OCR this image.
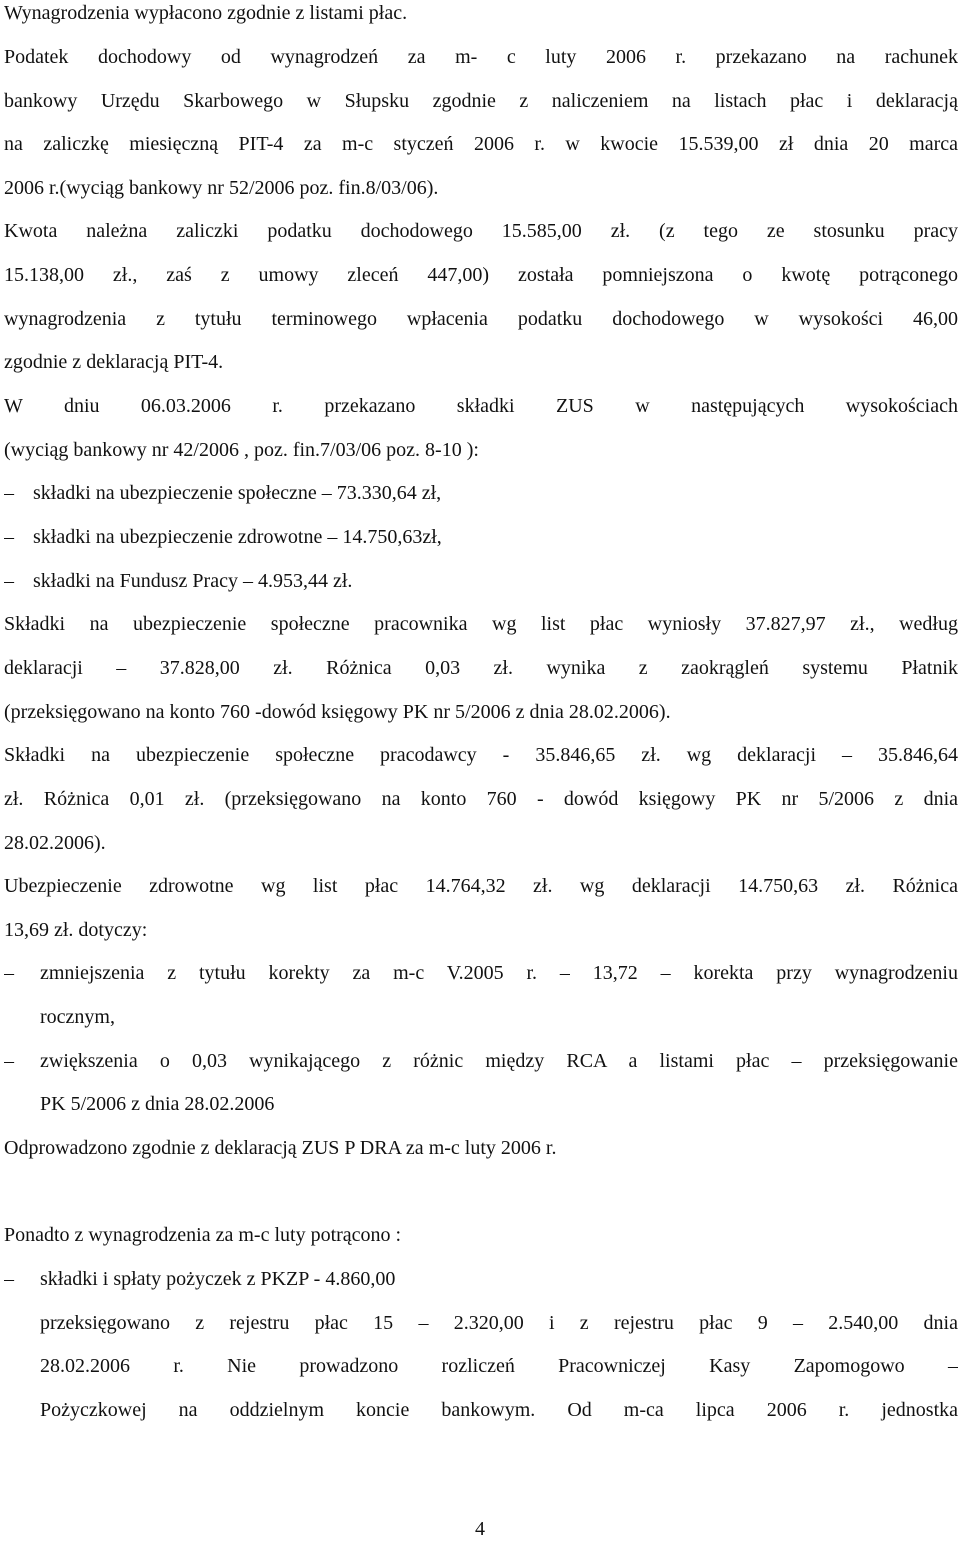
Wynagrodzenia wypłacono zgodnie z listami płac.
Podatek dochodowy od wynagrodzeń za m- c luty 2006 r. przekazano na rachunek
bankowy Urzędu Skarbowego w Słupsku zgodnie z naliczeniem na listach płac i deklaracją
na zaliczkę miesięczną PIT-4 za m-c styczeń 2006 r. w kwocie 15.539,00 zł dnia 20 marca
2006 r.(wyciąg bankowy nr 52/2006 poz. fin.8/03/06).
Kwota należna zaliczki podatku dochodowego 15.585,00 zł. (z tego ze stosunku pracy
15.138,00 zł., zaś z umowy zleceń 447,00) została pomniejszona o kwotę potrąconego
wynagrodzenia z tytułu terminowego wpłacenia podatku dochodowego w wysokości 46,00
zgodnie z deklaracją PIT-4.
W dniu 06.03.2006 r. przekazano składki ZUS w następujących wysokościach
(wyciąg bankowy nr 42/2006 , poz. fin.7/03/06 poz. 8-10 ):
– składki na ubezpieczenie społeczne – 73.330,64 zł,
– składki na ubezpieczenie zdrowotne – 14.750,63zł,
– składki na Fundusz Pracy – 4.953,44 zł.
Składki na ubezpieczenie społeczne pracownika wg list płac wyniosły 37.827,97 zł., według
deklaracji – 37.828,00 zł. Różnica 0,03 zł. wynika z zaokrągleń systemu Płatnik
(przeksięgowano na konto 760 -dowód księgowy PK nr 5/2006 z dnia 28.02.2006).
Składki na ubezpieczenie społeczne pracodawcy - 35.846,65 zł. wg deklaracji – 35.846,64
zł. Różnica 0,01 zł. (przeksięgowano na konto 760 - dowód księgowy PK nr 5/2006 z dnia
28.02.2006).
Ubezpieczenie zdrowotne wg list płac 14.764,32 zł. wg deklaracji 14.750,63 zł. Różnica
13,69 zł. dotyczy:
–	zmniejszenia z tytułu korekty za m-c V.2005 r. – 13,72 – korekta przy wynagrodzeniu
rocznym,
–	zwiększenia o 0,03 wynikającego z różnic między RCA a listami płac – przeksięgowanie
PK 5/2006 z dnia 28.02.2006
Odprowadzono zgodnie z deklaracją ZUS P DRA za m-c luty 2006 r.
Ponadto z wynagrodzenia za m-c luty potrącono :
–	składki i spłaty pożyczek z PKZP - 4.860,00
przeksięgowano z rejestru płac 15 – 2.320,00 i z rejestru płac 9 – 2.540,00 dnia
28.02.2006 r. Nie prowadzono rozliczeń Pracowniczej Kasy Zapomogowo –
Pożyczkowej na oddzielnym koncie bankowym. Od m-ca lipca 2006 r. jednostka
4
